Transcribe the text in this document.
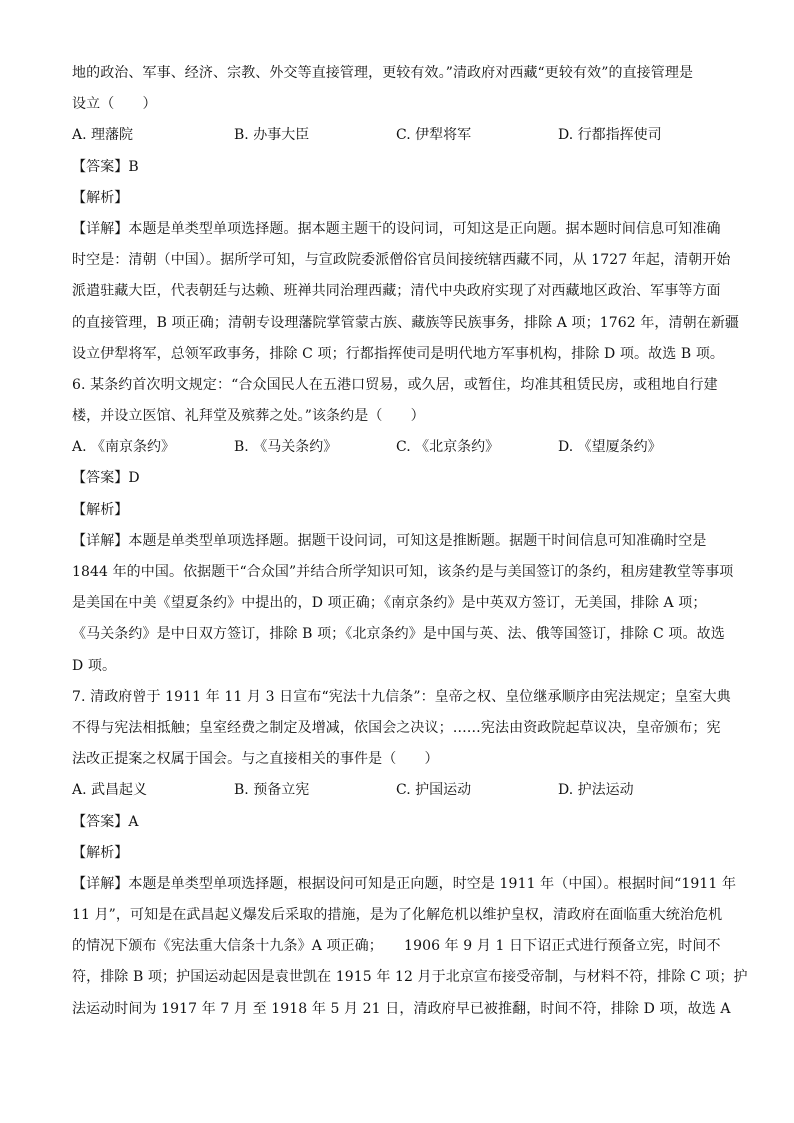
地的政治、军事、经济、宗教、外交等直接管理，更较有效。”清政府对西藏“更较有效”的直接管理是
设立（　　）
A. 理藩院	B. 办事大臣	C. 伊犁将军	D. 行都指挥使司
【答案】B
【解析】
【详解】本题是单类型单项选择题。据本题主题干的设问词，可知这是正向题。据本题时间信息可知准确
时空是：清朝（中国）。据所学可知，与宣政院委派僧俗官员间接统辖西藏不同，从 1727 年起，清朝开始
派遣驻藏大臣，代表朝廷与达赖、班禅共同治理西藏；清代中央政府实现了对西藏地区政治、军事等方面
的直接管理，B 项正确；清朝专设理藩院掌管蒙古族、藏族等民族事务，排除 A 项；1762 年，清朝在新疆
设立伊犁将军，总领军政事务，排除 C 项；行都指挥使司是明代地方军事机构，排除 D 项。故选 B 项。
6. 某条约首次明文规定：“合众国民人在五港口贸易，或久居，或暂住，均准其租赁民房，或租地自行建
楼，并设立医馆、礼拜堂及殡葬之处。”该条约是（　　）
A. 《南京条约》	B. 《马关条约》	C. 《北京条约》	D. 《望厦条约》
【答案】D
【解析】
【详解】本题是单类型单项选择题。据题干设问词，可知这是推断题。据题干时间信息可知准确时空是
1844 年的中国。依据题干“合众国”并结合所学知识可知，该条约是与美国签订的条约，租房建教堂等事项
是美国在中美《望夏条约》中提出的，D 项正确；《南京条约》是中英双方签订，无美国，排除 A 项；
《马关条约》是中日双方签订，排除 B 项；《北京条约》是中国与英、法、俄等国签订，排除 C 项。故选
D 项。
7. 清政府曾于 1911 年 11 月 3 日宣布“宪法十九信条”：皇帝之权、皇位继承顺序由宪法规定；皇室大典
不得与宪法相抵触；皇室经费之制定及增减，依国会之决议；……宪法由资政院起草议决，皇帝颁布；宪
法改正提案之权属于国会。与之直接相关的事件是（　　）
A. 武昌起义	B. 预备立宪	C. 护国运动	D. 护法运动
【答案】A
【解析】
【详解】本题是单类型单项选择题，根据设问可知是正向题，时空是 1911 年（中国）。根据时间“1911 年
11 月”，可知是在武昌起义爆发后采取的措施，是为了化解危机以维护皇权，清政府在面临重大统治危机
的情况下颁布《宪法重大信条十九条》A 项正确；　　1906 年 9 月 1 日下诏正式进行预备立宪，时间不
符，排除 B 项；护国运动起因是袁世凯在 1915 年 12 月于北京宣布接受帝制，与材料不符，排除 C 项；护
法运动时间为 1917 年 7 月 至 1918 年 5 月 21 日，清政府早已被推翻，时间不符，排除 D 项，故选 A
